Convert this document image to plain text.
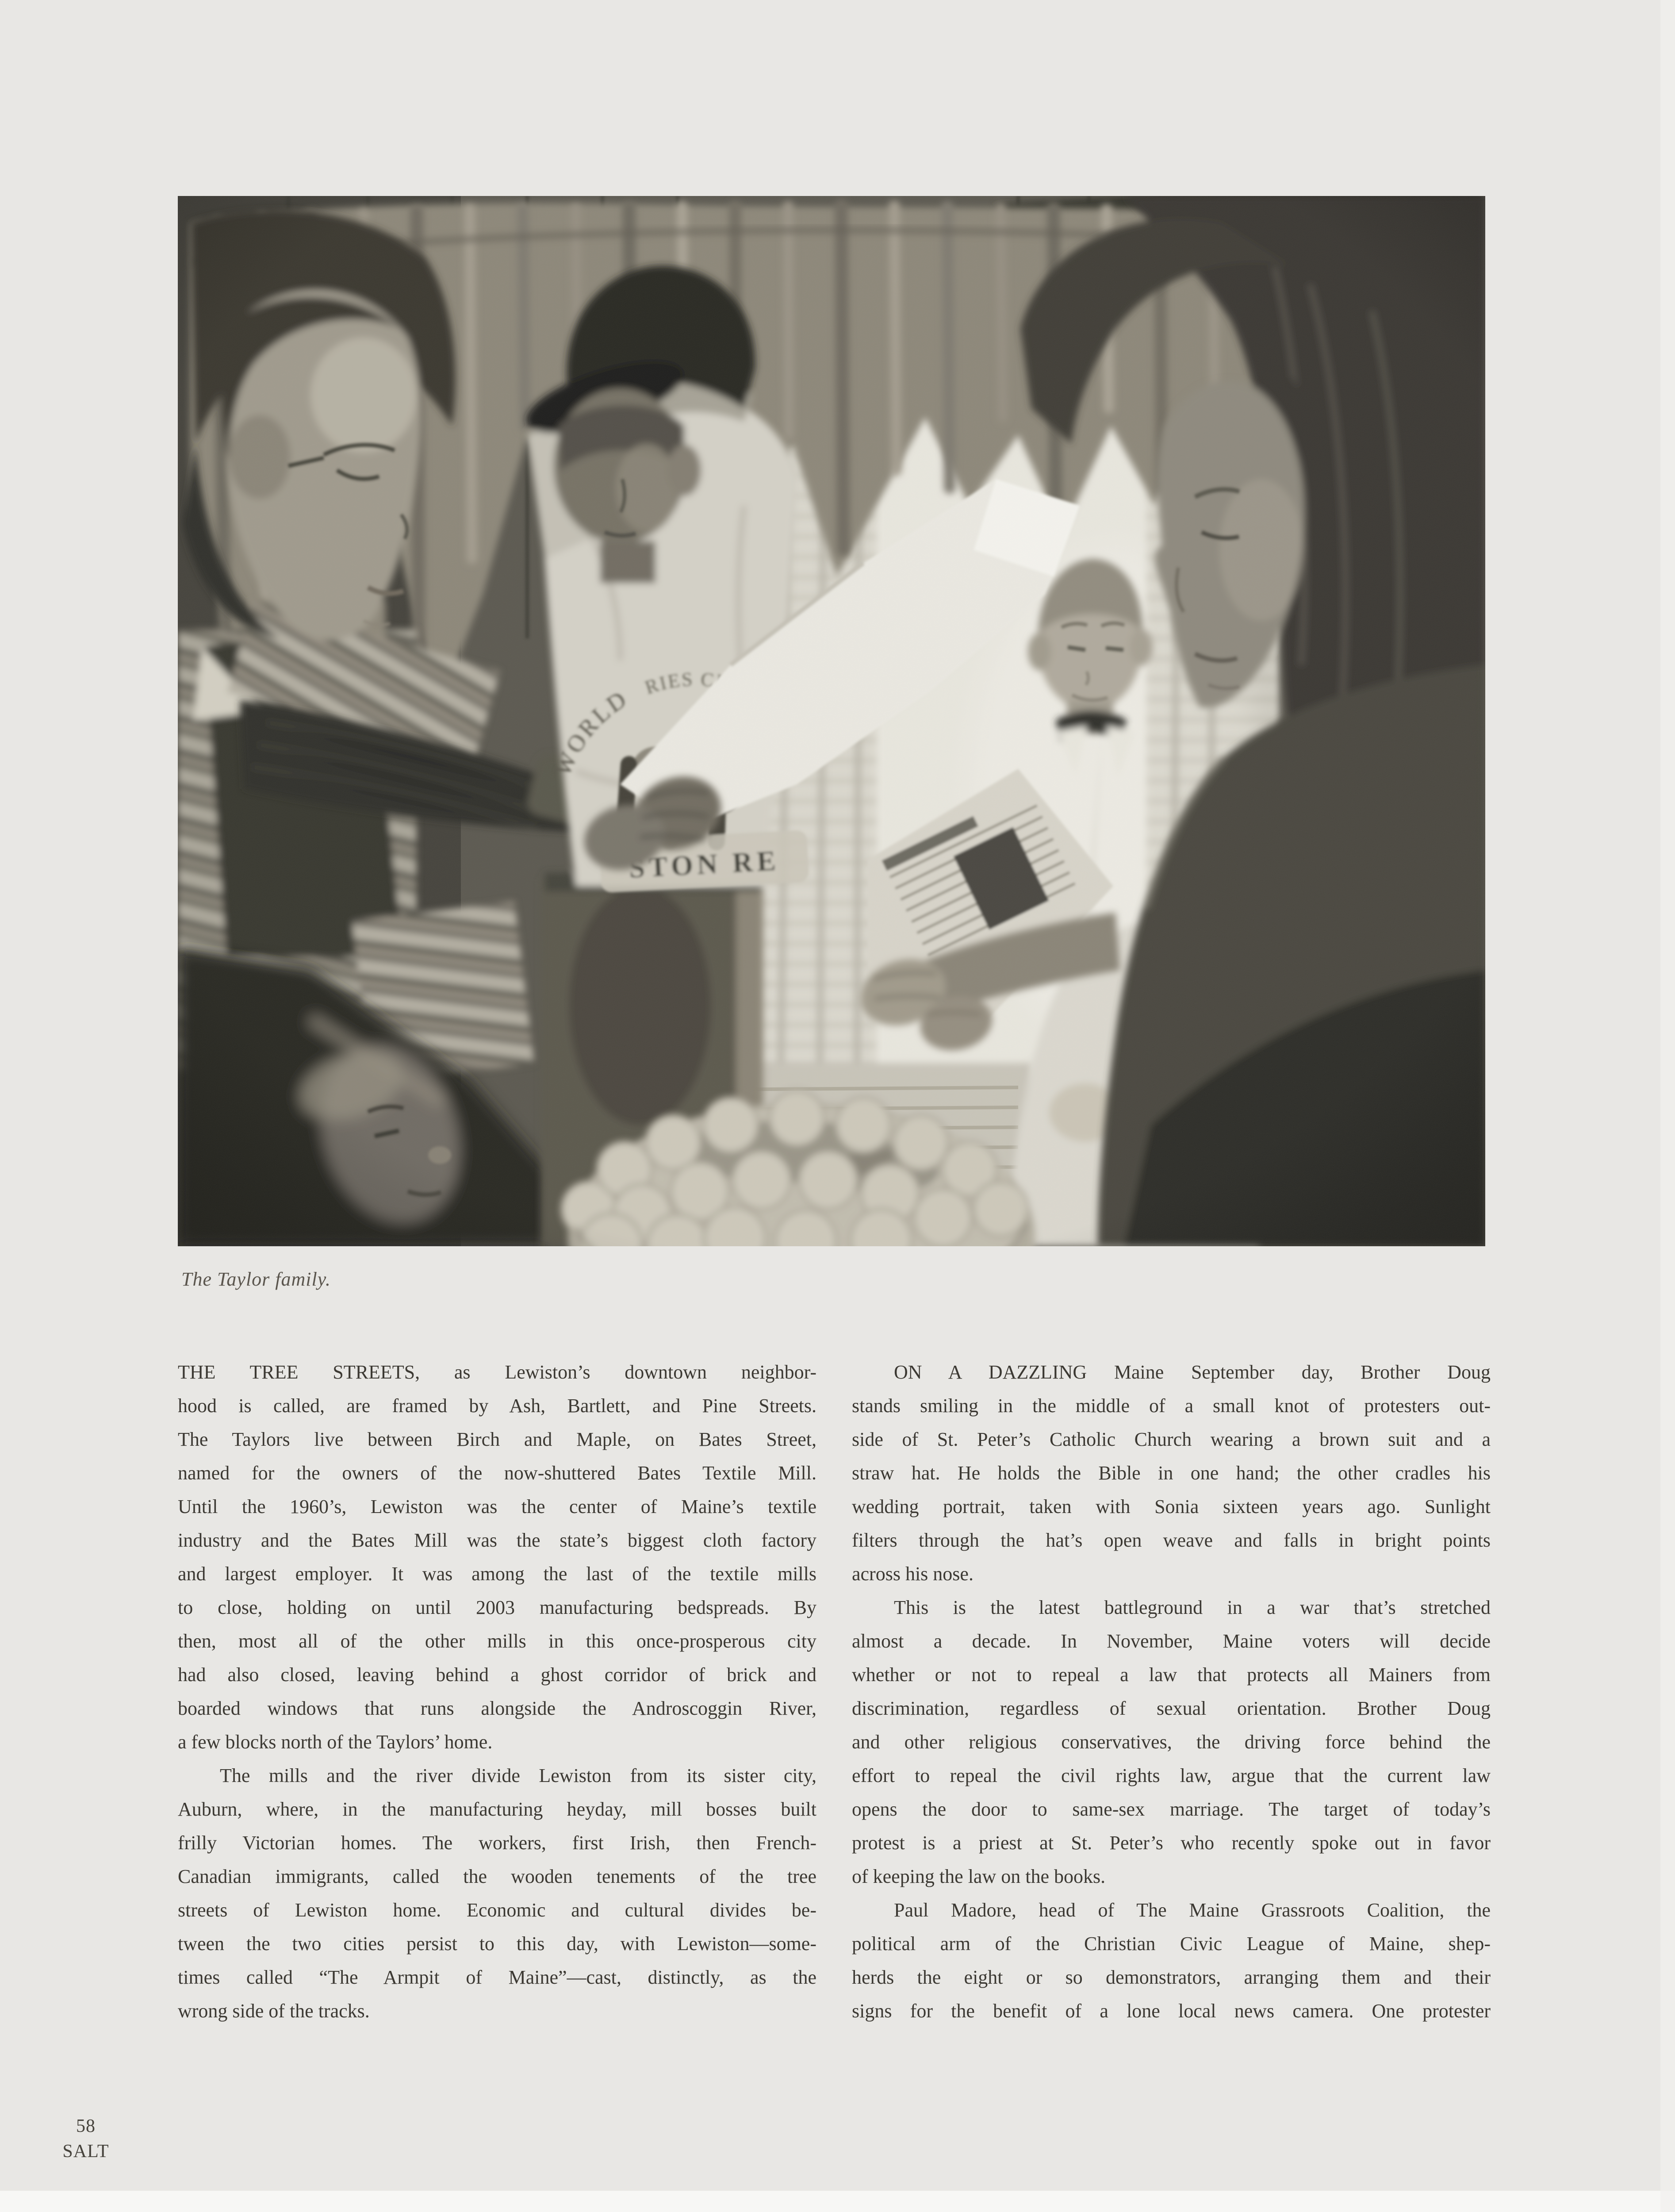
The Taylor family.
THE TREE STREETS, as Lewiston’s downtown neighbor-
hood is called, are framed by Ash, Bartlett, and Pine Streets.
The Taylors live between Birch and Maple, on Bates Street,
named for the owners of the now-shuttered Bates Textile Mill.
Until the 1960’s, Lewiston was the center of Maine’s textile
industry and the Bates Mill was the state’s biggest cloth factory
and largest employer. It was among the last of the textile mills
to close, holding on until 2003 manufacturing bedspreads. By
then, most all of the other mills in this once-prosperous city
had also closed, leaving behind a ghost corridor of brick and
boarded windows that runs alongside the Androscoggin River,
a few blocks north of the Taylors’ home.
The mills and the river divide Lewiston from its sister city,
Auburn, where, in the manufacturing heyday, mill bosses built
frilly Victorian homes. The workers, first Irish, then French-
Canadian immigrants, called the wooden tenements of the tree
streets of Lewiston home. Economic and cultural divides be-
tween the two cities persist to this day, with Lewiston—some-
times called “The Armpit of Maine”—cast, distinctly, as the
wrong side of the tracks.
ON A DAZZLING Maine September day, Brother Doug
stands smiling in the middle of a small knot of protesters out-
side of St. Peter’s Catholic Church wearing a brown suit and a
straw hat. He holds the Bible in one hand; the other cradles his
wedding portrait, taken with Sonia sixteen years ago. Sunlight
filters through the hat’s open weave and falls in bright points
across his nose.
This is the latest battleground in a war that’s stretched
almost a decade. In November, Maine voters will decide
whether or not to repeal a law that protects all Mainers from
discrimination, regardless of sexual orientation. Brother Doug
and other religious conservatives, the driving force behind the
effort to repeal the civil rights law, argue that the current law
opens the door to same-sex marriage. The target of today’s
protest is a priest at St. Peter’s who recently spoke out in favor
of keeping the law on the books.
Paul Madore, head of The Maine Grassroots Coalition, the
political arm of the Christian Civic League of Maine, shep-
herds the eight or so demonstrators, arranging them and their
signs for the benefit of a lone local news camera. One protester
58
SALT
